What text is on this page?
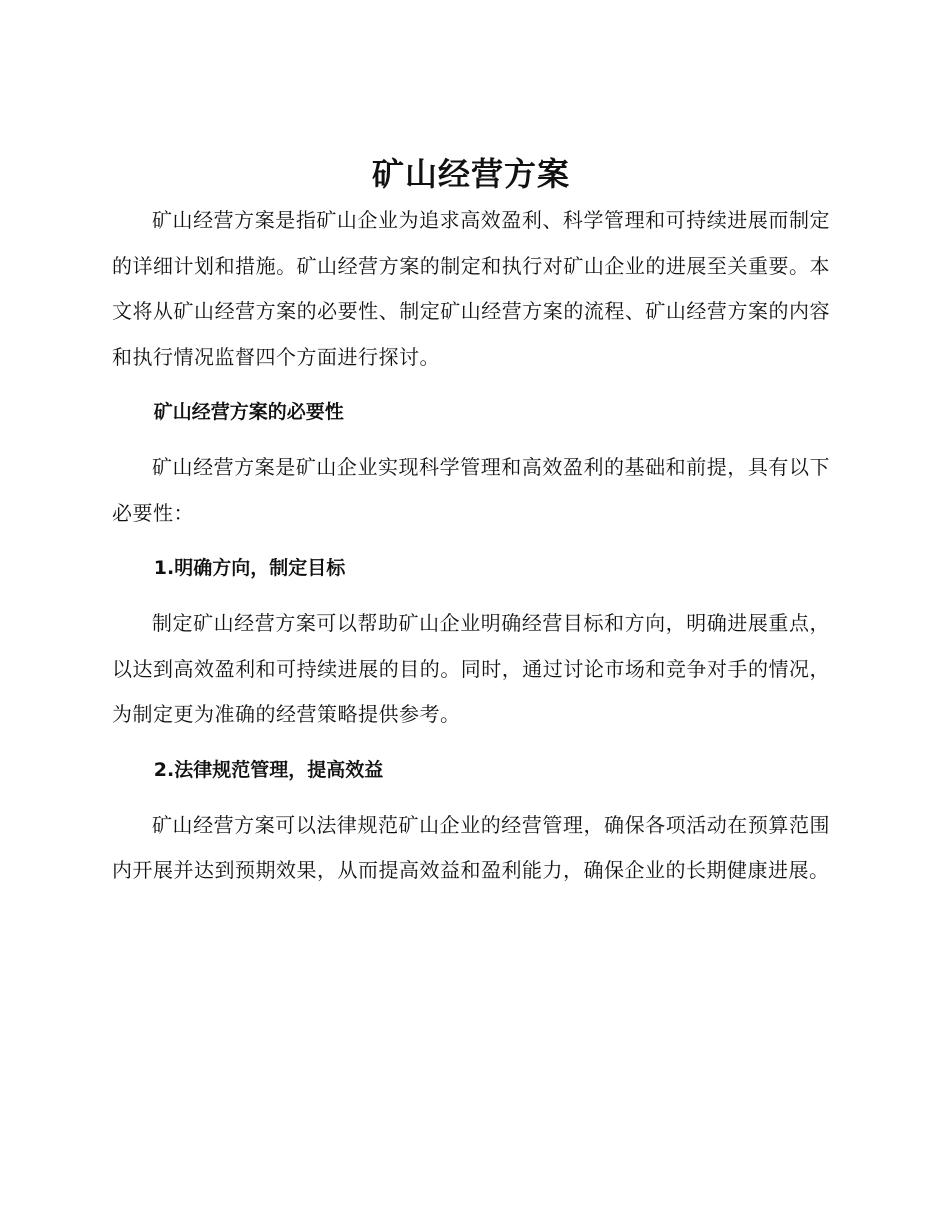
矿山经营方案

矿山经营方案是指矿山企业为追求高效盈利、科学管理和可持续进展而制定的详细计划和措施。矿山经营方案的制定和执行对矿山企业的进展至关重要。本文将从矿山经营方案的必要性、制定矿山经营方案的流程、矿山经营方案的内容和执行情况监督四个方面进行探讨。

矿山经营方案的必要性

矿山经营方案是矿山企业实现科学管理和高效盈利的基础和前提，具有以下必要性：

1.明确方向，制定目标

制定矿山经营方案可以帮助矿山企业明确经营目标和方向，明确进展重点，以达到高效盈利和可持续进展的目的。同时，通过讨论市场和竞争对手的情况，为制定更为准确的经营策略提供参考。

2.法律规范管理，提高效益

矿山经营方案可以法律规范矿山企业的经营管理，确保各项活动在预算范围内开展并达到预期效果，从而提高效益和盈利能力，确保企业的长期健康进展。
